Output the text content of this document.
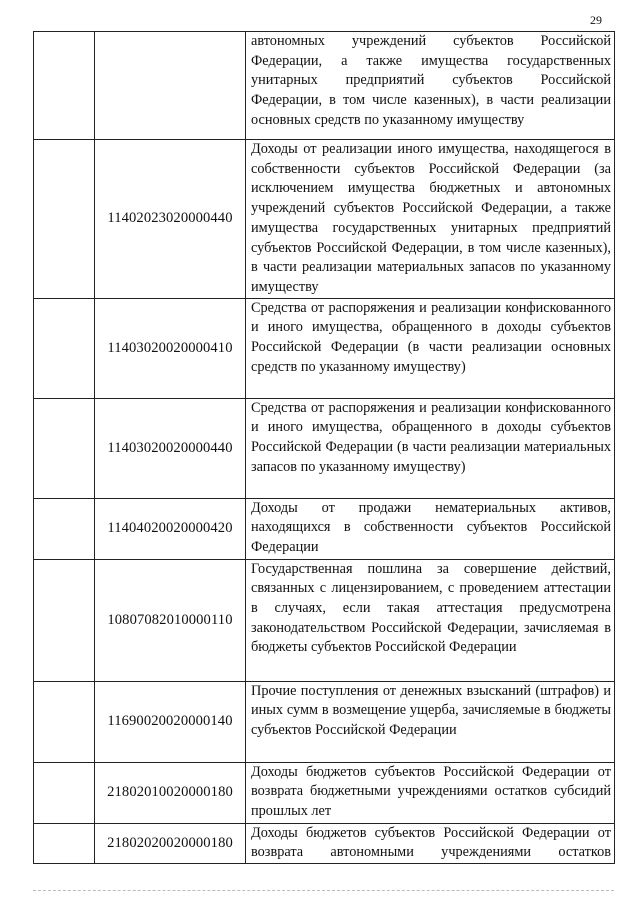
29
		автономных учреждений субъектов Российской Федерации, а также имущества государственных унитарных предприятий субъектов Российской Федерации, в том числе казенных), в части реализации основных средств по указанному имуществу
	11402023020000440	Доходы от реализации иного имущества, находящегося в собственности субъектов Российской Федерации (за исключением имущества бюджетных и автономных учреждений субъектов Российской Федерации, а также имущества государственных унитарных предприятий субъектов Российской Федерации, в том числе казенных), в части реализации материальных запасов по указанному имуществу
	11403020020000410	Средства от распоряжения и реализации конфискованного и иного имущества, обращенного в доходы субъектов Российской Федерации (в части реализации основных средств по указанному имуществу)
	11403020020000440	Средства от распоряжения и реализации конфискованного и иного имущества, обращенного в доходы субъектов Российской Федерации (в части реализации материальных запасов по указанному имуществу)
	11404020020000420	Доходы от продажи нематериальных активов, находящихся в собственности субъектов Российской Федерации
	10807082010000110	Государственная пошлина за совершение действий, связанных с лицензированием, с проведением аттестации в случаях, если такая аттестация предусмотрена законодательством Российской Федерации, зачисляемая в бюджеты субъектов Российской Федерации
	11690020020000140	Прочие поступления от денежных взысканий (штрафов) и иных сумм в возмещение ущерба, зачисляемые в бюджеты субъектов Российской Федерации
	21802010020000180	Доходы бюджетов субъектов Российской Федерации от возврата бюджетными учреждениями остатков субсидий прошлых лет
	21802020020000180	Доходы бюджетов субъектов Российской Федерации от возврата автономными учреждениями остатков
